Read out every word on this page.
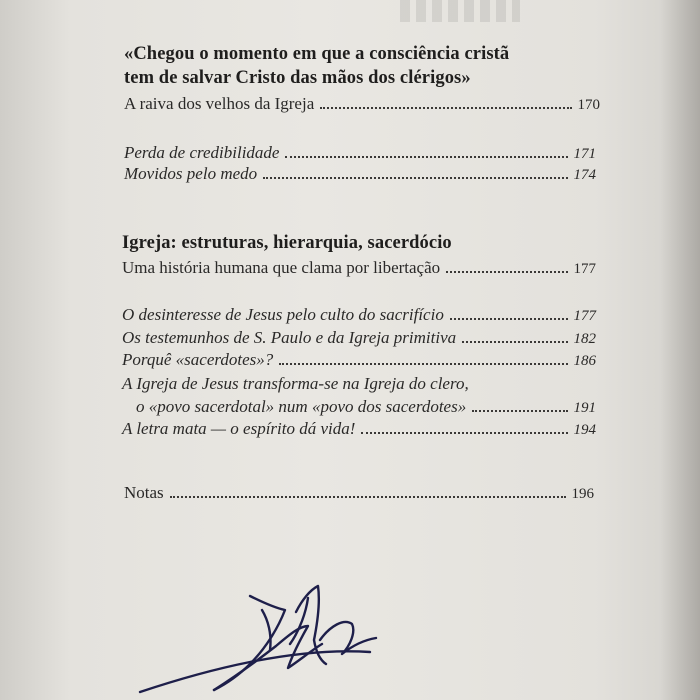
«Chegou o momento em que a consciência cristã
tem de salvar Cristo das mãos dos clérigos»
A raiva dos velhos da Igreja	170
Perda de credibilidade	171
Movidos pelo medo	174
Igreja: estruturas, hierarquia, sacerdócio
Uma história humana que clama por libertação	177
O desinteresse de Jesus pelo culto do sacrifício	177
Os testemunhos de S. Paulo e da Igreja primitiva	182
Porquê «sacerdotes»?	186
A Igreja de Jesus transforma-se na Igreja do clero,
o «povo sacerdotal» num «povo dos sacerdotes»	191
A letra mata — o espírito dá vida!	194
Notas	196
